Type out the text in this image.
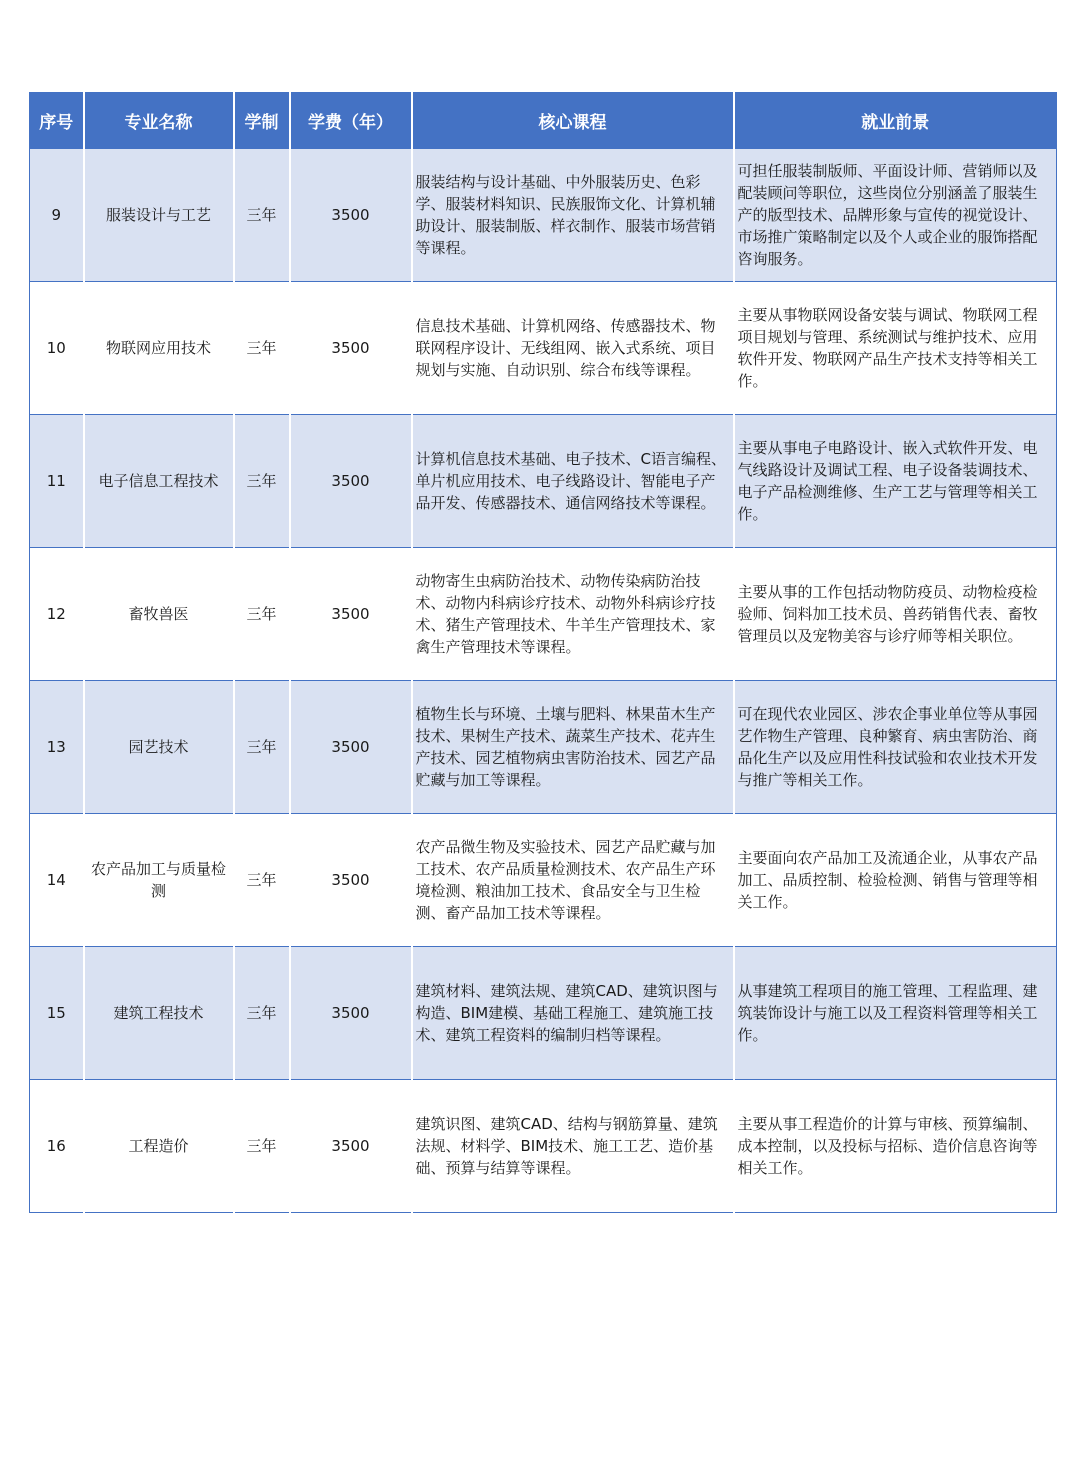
序号	专业名称	学制	学费（年）	核心课程	就业前景
9	服装设计与工艺	三年	3500	服装结构与设计基础、中外服装历史、色彩学、服装材料知识、民族服饰文化、计算机辅助设计、服装制版、样衣制作、服装市场营销等课程。	可担任服装制版师、平面设计师、营销师以及配装顾问等职位，这些岗位分别涵盖了服装生产的版型技术、品牌形象与宣传的视觉设计、市场推广策略制定以及个人或企业的服饰搭配咨询服务。
10	物联网应用技术	三年	3500	信息技术基础、计算机网络、传感器技术、物联网程序设计、无线组网、嵌入式系统、项目规划与实施、自动识别、综合布线等课程。	主要从事物联网设备安装与调试、物联网工程项目规划与管理、系统测试与维护技术、应用软件开发、物联网产品生产技术支持等相关工作。
11	电子信息工程技术	三年	3500	计算机信息技术基础、电子技术、C语言编程、单片机应用技术、电子线路设计、智能电子产品开发、传感器技术、通信网络技术等课程。	主要从事电子电路设计、嵌入式软件开发、电气线路设计及调试工程、电子设备装调技术、电子产品检测维修、生产工艺与管理等相关工作。
12	畜牧兽医	三年	3500	动物寄生虫病防治技术、动物传染病防治技术、动物内科病诊疗技术、动物外科病诊疗技术、猪生产管理技术、牛羊生产管理技术、家禽生产管理技术等课程。	主要从事的工作包括动物防疫员、动物检疫检验师、饲料加工技术员、兽药销售代表、畜牧管理员以及宠物美容与诊疗师等相关职位。
13	园艺技术	三年	3500	植物生长与环境、土壤与肥料、林果苗木生产技术、果树生产技术、蔬菜生产技术、花卉生产技术、园艺植物病虫害防治技术、园艺产品贮藏与加工等课程。	可在现代农业园区、涉农企事业单位等从事园艺作物生产管理、良种繁育、病虫害防治、商品化生产以及应用性科技试验和农业技术开发与推广等相关工作。
14	农产品加工与质量检测	三年	3500	农产品微生物及实验技术、园艺产品贮藏与加工技术、农产品质量检测技术、农产品生产环境检测、粮油加工技术、食品安全与卫生检测、畜产品加工技术等课程。	主要面向农产品加工及流通企业，从事农产品加工、品质控制、检验检测、销售与管理等相关工作。
15	建筑工程技术	三年	3500	建筑材料、建筑法规、建筑CAD、建筑识图与构造、BIM建模、基础工程施工、建筑施工技术、建筑工程资料的编制归档等课程。	从事建筑工程项目的施工管理、工程监理、建筑装饰设计与施工以及工程资料管理等相关工作。
16	工程造价	三年	3500	建筑识图、建筑CAD、结构与钢筋算量、建筑法规、材料学、BIM技术、施工工艺、造价基础、预算与结算等课程。	主要从事工程造价的计算与审核、预算编制、成本控制，以及投标与招标、造价信息咨询等相关工作。
